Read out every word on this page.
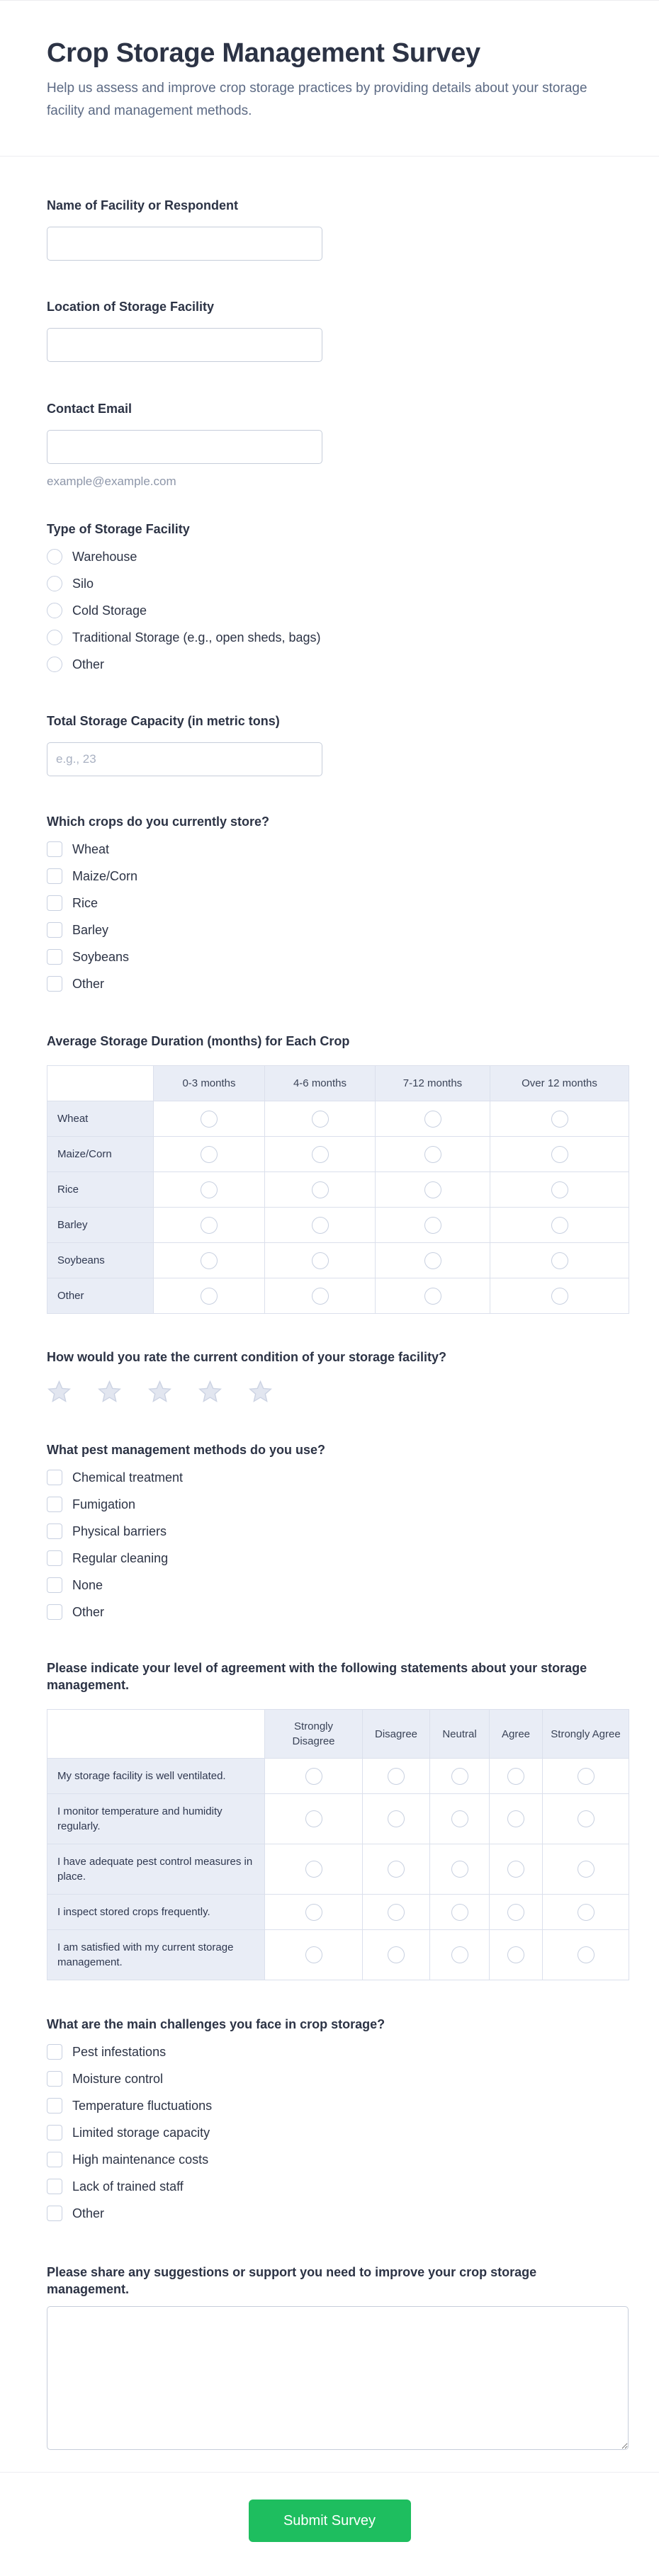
Crop Storage Management Survey

Help us assess and improve crop storage practices by providing details about your storage facility and management methods.

Name of Facility or Respondent
Location of Storage Facility
Contact Email
example@example.com
Type of Storage Facility
Warehouse
Silo
Cold Storage
Traditional Storage (e.g., open sheds, bags)
Other
Total Storage Capacity (in metric tons)
e.g., 23
Which crops do you currently store?
Wheat
Maize/Corn
Rice
Barley
Soybeans
Other
Average Storage Duration (months) for Each Crop
	0-3 months	4-6 months	7-12 months	Over 12 months
Wheat				
Maize/Corn				
Rice				
Barley				
Soybeans				
Other				
How would you rate the current condition of your storage facility?
What pest management methods do you use?
Chemical treatment
Fumigation
Physical barriers
Regular cleaning
None
Other
Please indicate your level of agreement with the following statements about your storage management.
	Strongly Disagree	Disagree	Neutral	Agree	Strongly Agree
My storage facility is well ventilated.					
I monitor temperature and humidity regularly.					
I have adequate pest control measures in place.					
I inspect stored crops frequently.					
I am satisfied with my current storage management.					
What are the main challenges you face in crop storage?
Pest infestations
Moisture control
Temperature fluctuations
Limited storage capacity
High maintenance costs
Lack of trained staff
Other
Please share any suggestions or support you need to improve your crop storage management.
Submit Survey
